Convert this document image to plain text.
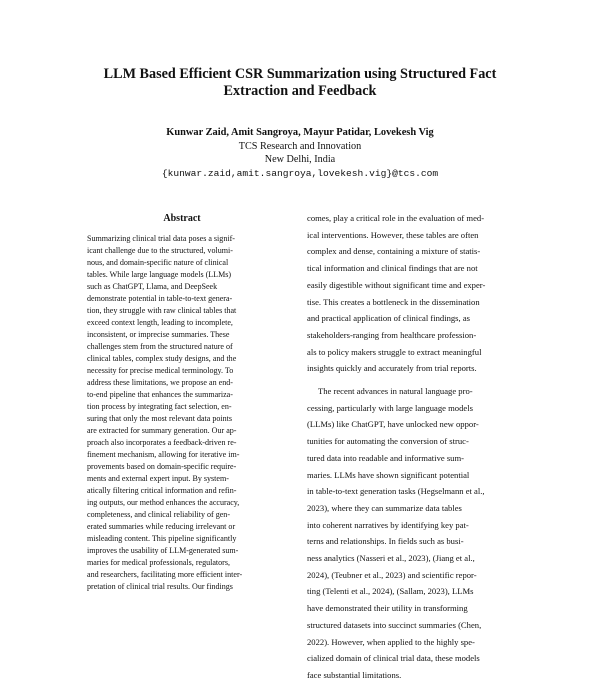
LLM Based Efficient CSR Summarization using Structured Fact
Extraction and Feedback
Kunwar Zaid, Amit Sangroya, Mayur Patidar, Lovekesh Vig
TCS Research and Innovation
New Delhi, India
{kunwar.zaid,amit.sangroya,lovekesh.vig}@tcs.com
Abstract
Summarizing clinical trial data poses a signif-
icant challenge due to the structured, volumi-
nous, and domain-specific nature of clinical
tables. While large language models (LLMs)
such as ChatGPT, Llama, and DeepSeek
demonstrate potential in table-to-text genera-
tion, they struggle with raw clinical tables that
exceed context length, leading to incomplete,
inconsistent, or imprecise summaries. These
challenges stem from the structured nature of
clinical tables, complex study designs, and the
necessity for precise medical terminology. To
address these limitations, we propose an end-
to-end pipeline that enhances the summariza-
tion process by integrating fact selection, en-
suring that only the most relevant data points
are extracted for summary generation. Our ap-
proach also incorporates a feedback-driven re-
finement mechanism, allowing for iterative im-
provements based on domain-specific require-
ments and external expert input. By system-
atically filtering critical information and refin-
ing outputs, our method enhances the accuracy,
completeness, and clinical reliability of gen-
erated summaries while reducing irrelevant or
misleading content. This pipeline significantly
improves the usability of LLM-generated sum-
maries for medical professionals, regulators,
and researchers, facilitating more efficient inter-
pretation of clinical trial results. Our findings
comes, play a critical role in the evaluation of med-
ical interventions. However, these tables are often
complex and dense, containing a mixture of statis-
tical information and clinical findings that are not
easily digestible without significant time and exper-
tise. This creates a bottleneck in the dissemination
and practical application of clinical findings, as
stakeholders-ranging from healthcare profession-
als to policy makers struggle to extract meaningful
insights quickly and accurately from trial reports.
The recent advances in natural language pro-
cessing, particularly with large language models
(LLMs) like ChatGPT, have unlocked new oppor-
tunities for automating the conversion of struc-
tured data into readable and informative sum-
maries. LLMs have shown significant potential
in table-to-text generation tasks (Hegselmann et al.,
2023), where they can summarize data tables
into coherent narratives by identifying key pat-
terns and relationships. In fields such as busi-
ness analytics (Nasseri et al., 2023), (Jiang et al.,
2024), (Teubner et al., 2023) and scientific repor-
ting (Telenti et al., 2024), (Sallam, 2023), LLMs
have demonstrated their utility in transforming
structured datasets into succinct summaries (Chen,
2022). However, when applied to the highly spe-
cialized domain of clinical trial data, these models
face substantial limitations.
